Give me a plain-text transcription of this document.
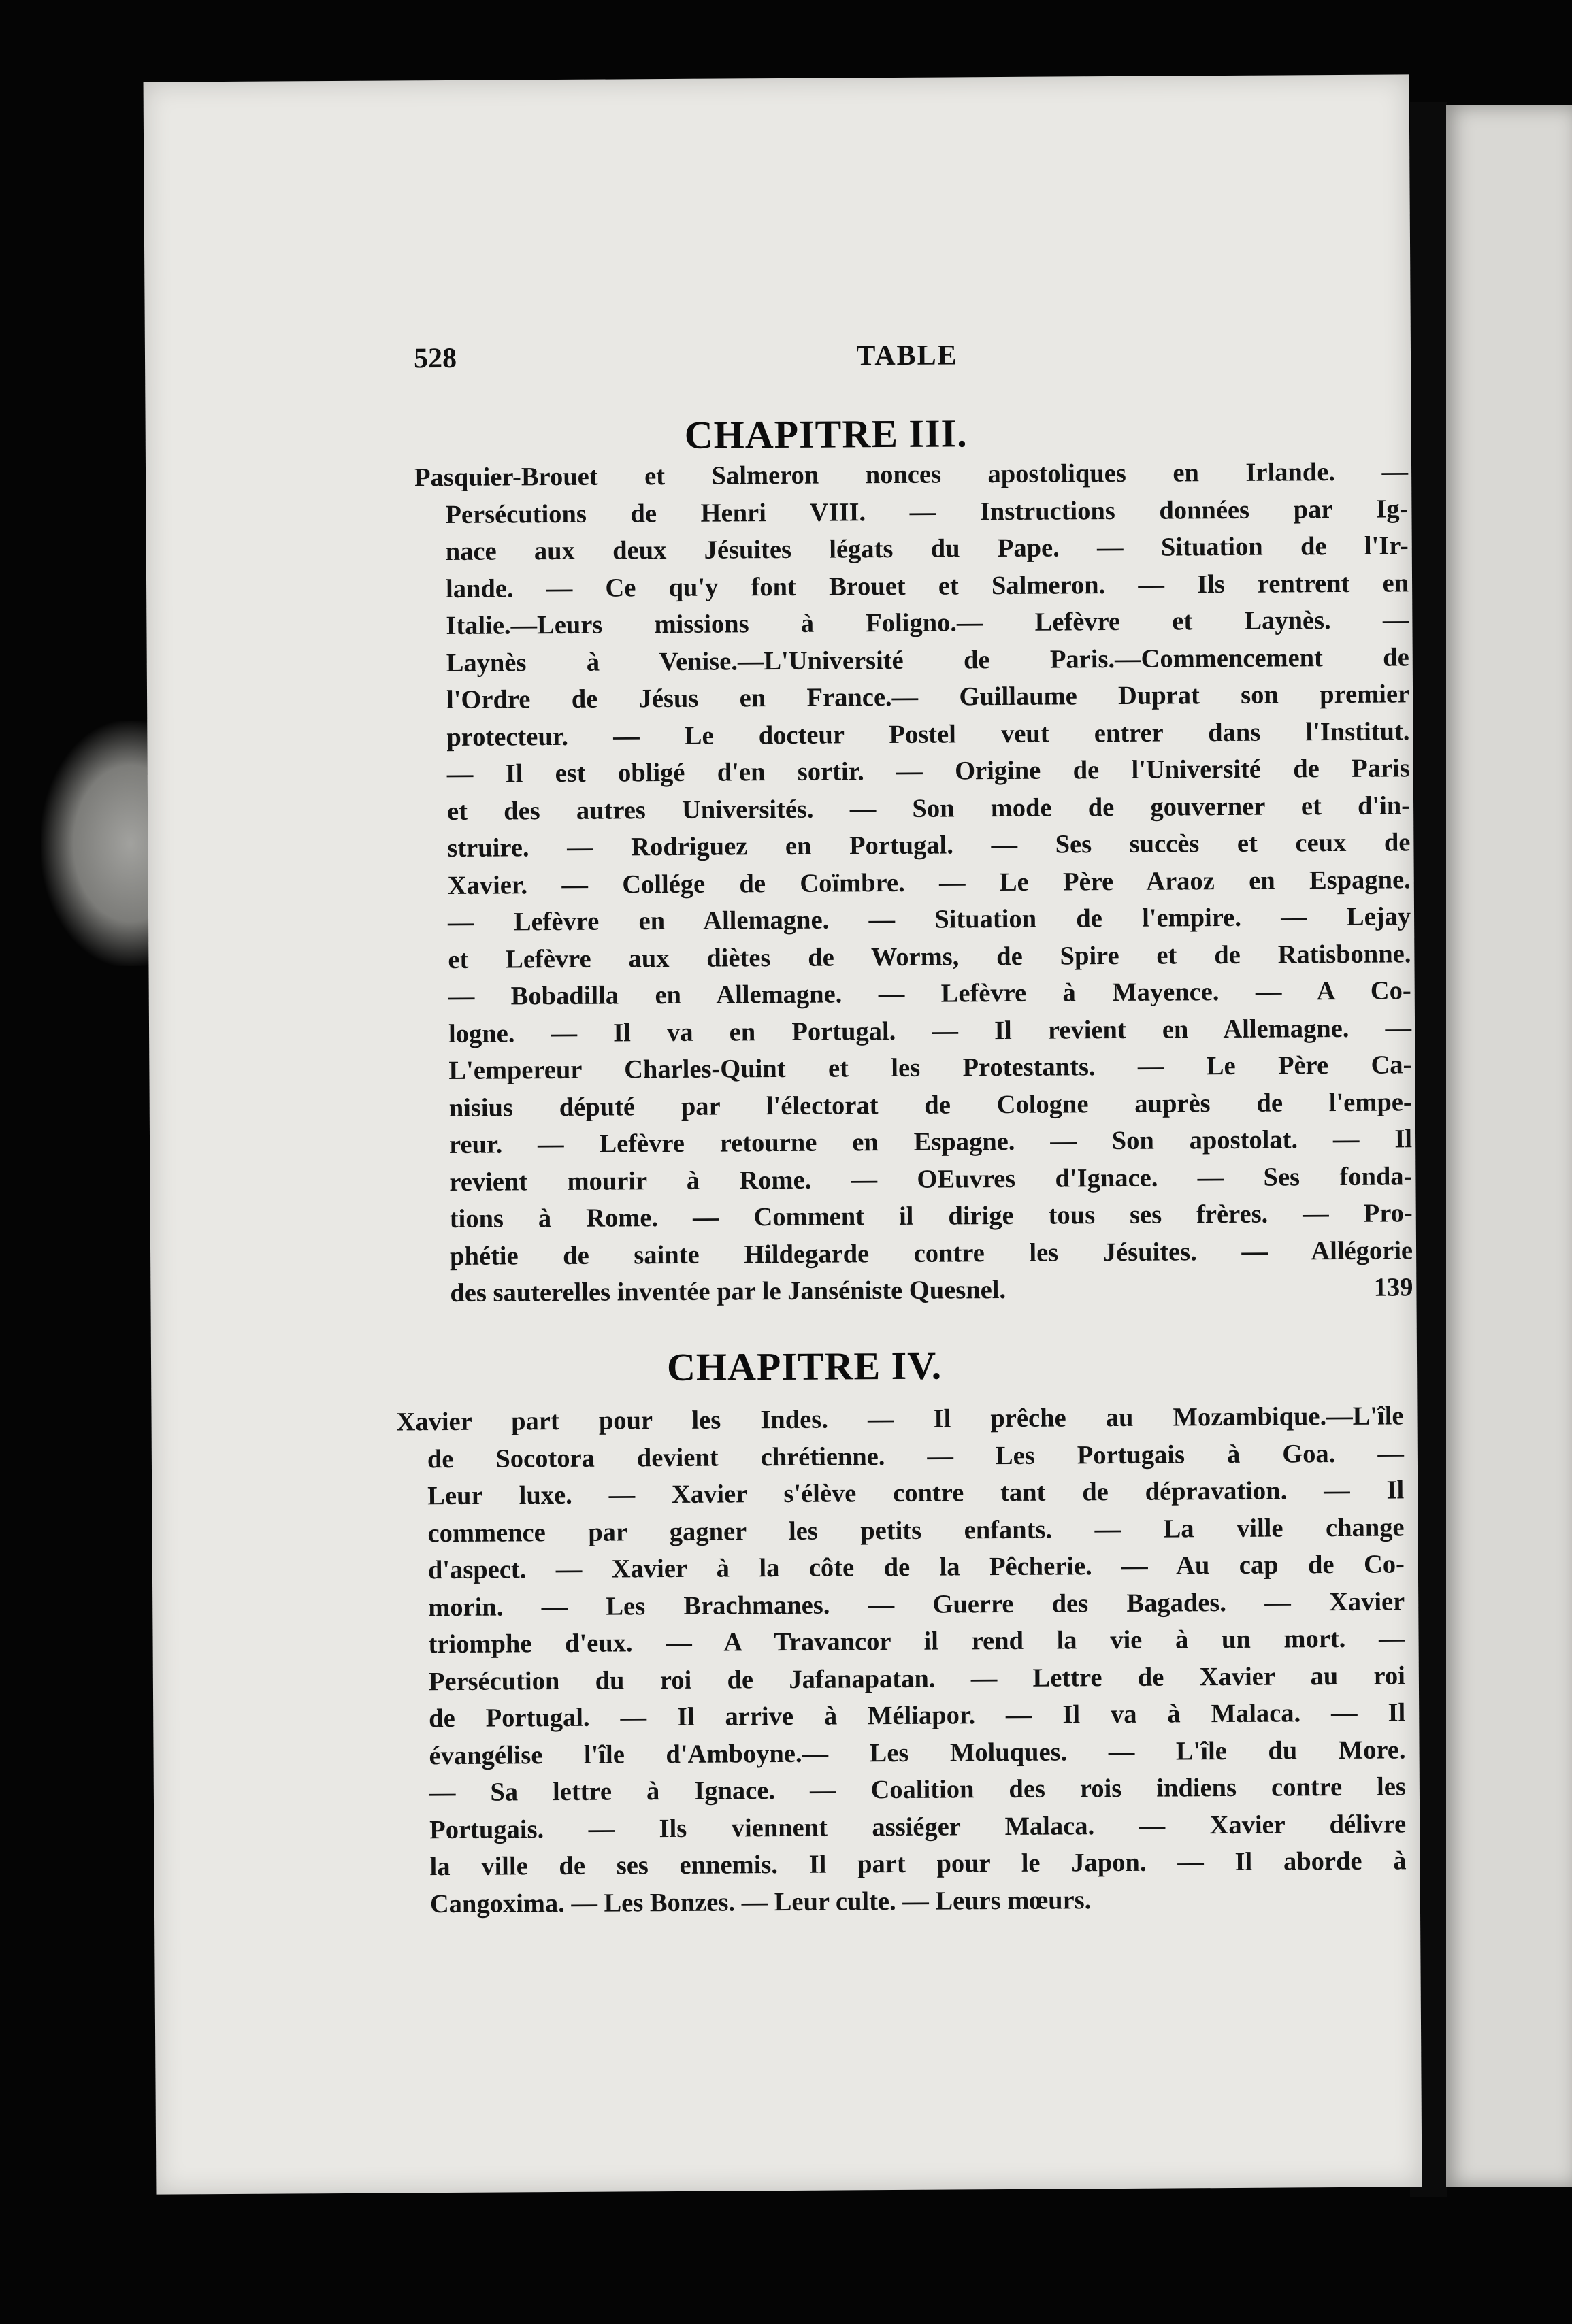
528	TABLE
CHAPITRE III.
Pasquier-Brouet et Salmeron nonces apostoliques en Irlande. —
Persécutions de Henri VIII. — Instructions données par Ig-
nace aux deux Jésuites légats du Pape. — Situation de l'Ir-
lande. — Ce qu'y font Brouet et Salmeron. — Ils rentrent en
Italie.—Leurs missions à Foligno.— Lefèvre et Laynès. —
Laynès à Venise.—L'Université de Paris.—Commencement de
l'Ordre de Jésus en France.— Guillaume Duprat son premier
protecteur. — Le docteur Postel veut entrer dans l'Institut.
— Il est obligé d'en sortir. — Origine de l'Université de Paris
et des autres Universités. — Son mode de gouverner et d'in-
struire. — Rodriguez en Portugal. — Ses succès et ceux de
Xavier. — Collége de Coïmbre. — Le Père Araoz en Espagne.
— Lefèvre en Allemagne. — Situation de l'empire. — Lejay
et Lefèvre aux diètes de Worms, de Spire et de Ratisbonne.
— Bobadilla en Allemagne. — Lefèvre à Mayence. — A Co-
logne. — Il va en Portugal. — Il revient en Allemagne. —
L'empereur Charles-Quint et les Protestants. — Le Père Ca-
nisius député par l'électorat de Cologne auprès de l'empe-
reur. — Lefèvre retourne en Espagne. — Son apostolat. — Il
revient mourir à Rome. — OEuvres d'Ignace. — Ses fonda-
tions à Rome. — Comment il dirige tous ses frères. — Pro-
phétie de sainte Hildegarde contre les Jésuites. — Allégorie
des sauterelles inventée par le Janséniste Quesnel.	139
CHAPITRE IV.
Xavier part pour les Indes. — Il prêche au Mozambique.—L'île
de Socotora devient chrétienne. — Les Portugais à Goa. —
Leur luxe. — Xavier s'élève contre tant de dépravation. — Il
commence par gagner les petits enfants. — La ville change
d'aspect. — Xavier à la côte de la Pêcherie. — Au cap de Co-
morin. — Les Brachmanes. — Guerre des Bagades. — Xavier
triomphe d'eux. — A Travancor il rend la vie à un mort. —
Persécution du roi de Jafanapatan. — Lettre de Xavier au roi
de Portugal. — Il arrive à Méliapor. — Il va à Malaca. — Il
évangélise l'île d'Amboyne.— Les Moluques. — L'île du More.
— Sa lettre à Ignace. — Coalition des rois indiens contre les
Portugais. — Ils viennent assiéger Malaca. — Xavier délivre
la ville de ses ennemis. Il part pour le Japon. — Il aborde à
Cangoxima. — Les Bonzes. — Leur culte. — Leurs mœurs.
